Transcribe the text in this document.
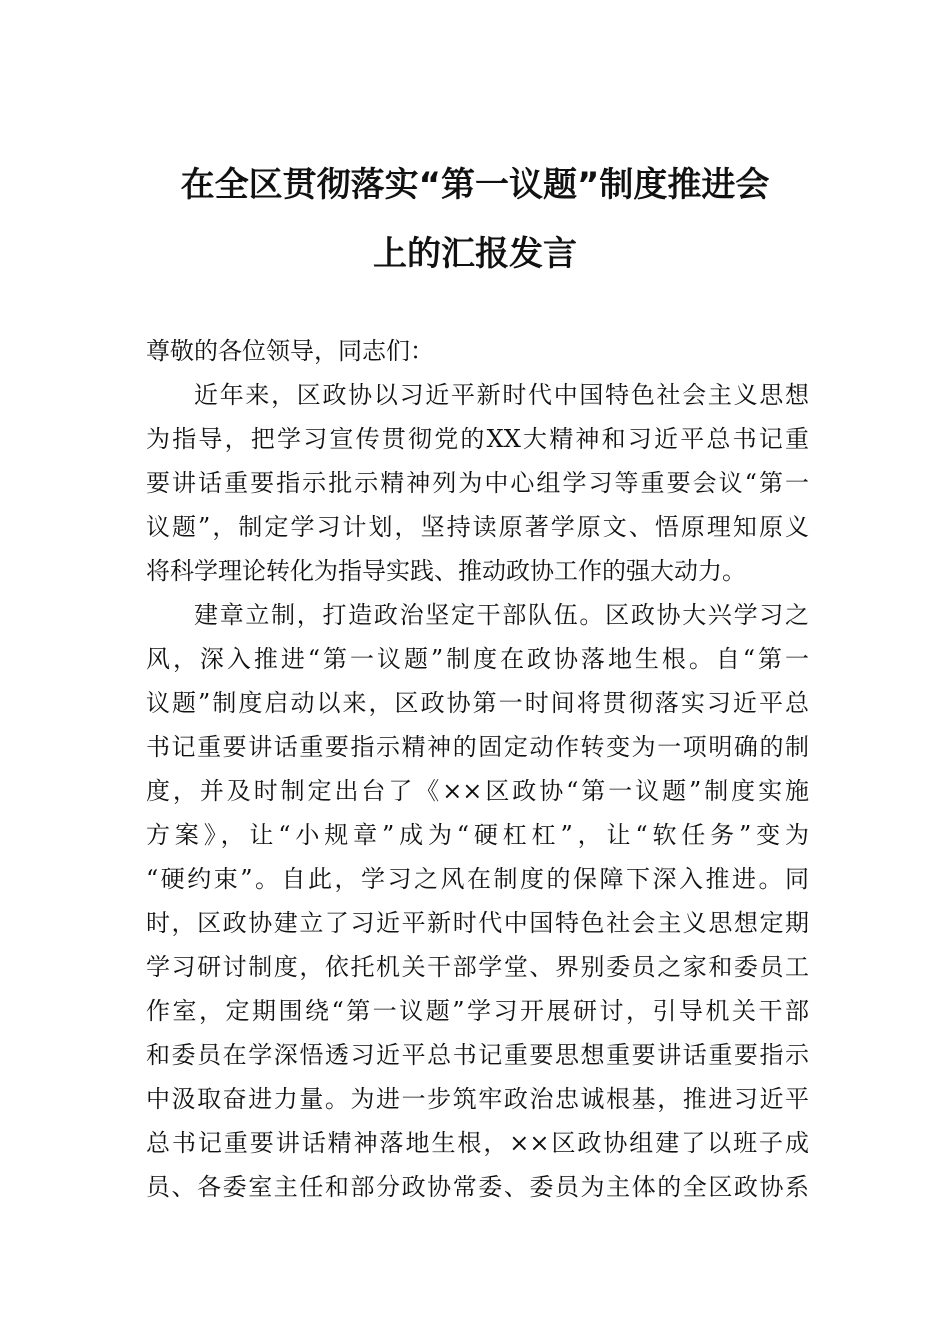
在全区贯彻落实“第一议题”制度推进会
上的汇报发言
尊敬的各位领导，同志们：
近年来，区政协以习近平新时代中国特色社会主义思想
为指导，把学习宣传贯彻党的XX大精神和习近平总书记重
要讲话重要指示批示精神列为中心组学习等重要会议“第一
议题”，制定学习计划，坚持读原著学原文、悟原理知原义
将科学理论转化为指导实践、推动政协工作的强大动力。
建章立制，打造政治坚定干部队伍。区政协大兴学习之
风，深入推进“第一议题”制度在政协落地生根。自“第一
议题”制度启动以来，区政协第一时间将贯彻落实习近平总
书记重要讲话重要指示精神的固定动作转变为一项明确的制
度，并及时制定出台了《××区政协“第一议题”制度实施
方案》，让“小规章”成为“硬杠杠”，让“软任务”变为
“硬约束”。自此，学习之风在制度的保障下深入推进。同
时，区政协建立了习近平新时代中国特色社会主义思想定期
学习研讨制度，依托机关干部学堂、界别委员之家和委员工
作室，定期围绕“第一议题”学习开展研讨，引导机关干部
和委员在学深悟透习近平总书记重要思想重要讲话重要指示
中汲取奋进力量。为进一步筑牢政治忠诚根基，推进习近平
总书记重要讲话精神落地生根，××区政协组建了以班子成
员、各委室主任和部分政协常委、委员为主体的全区政协系
